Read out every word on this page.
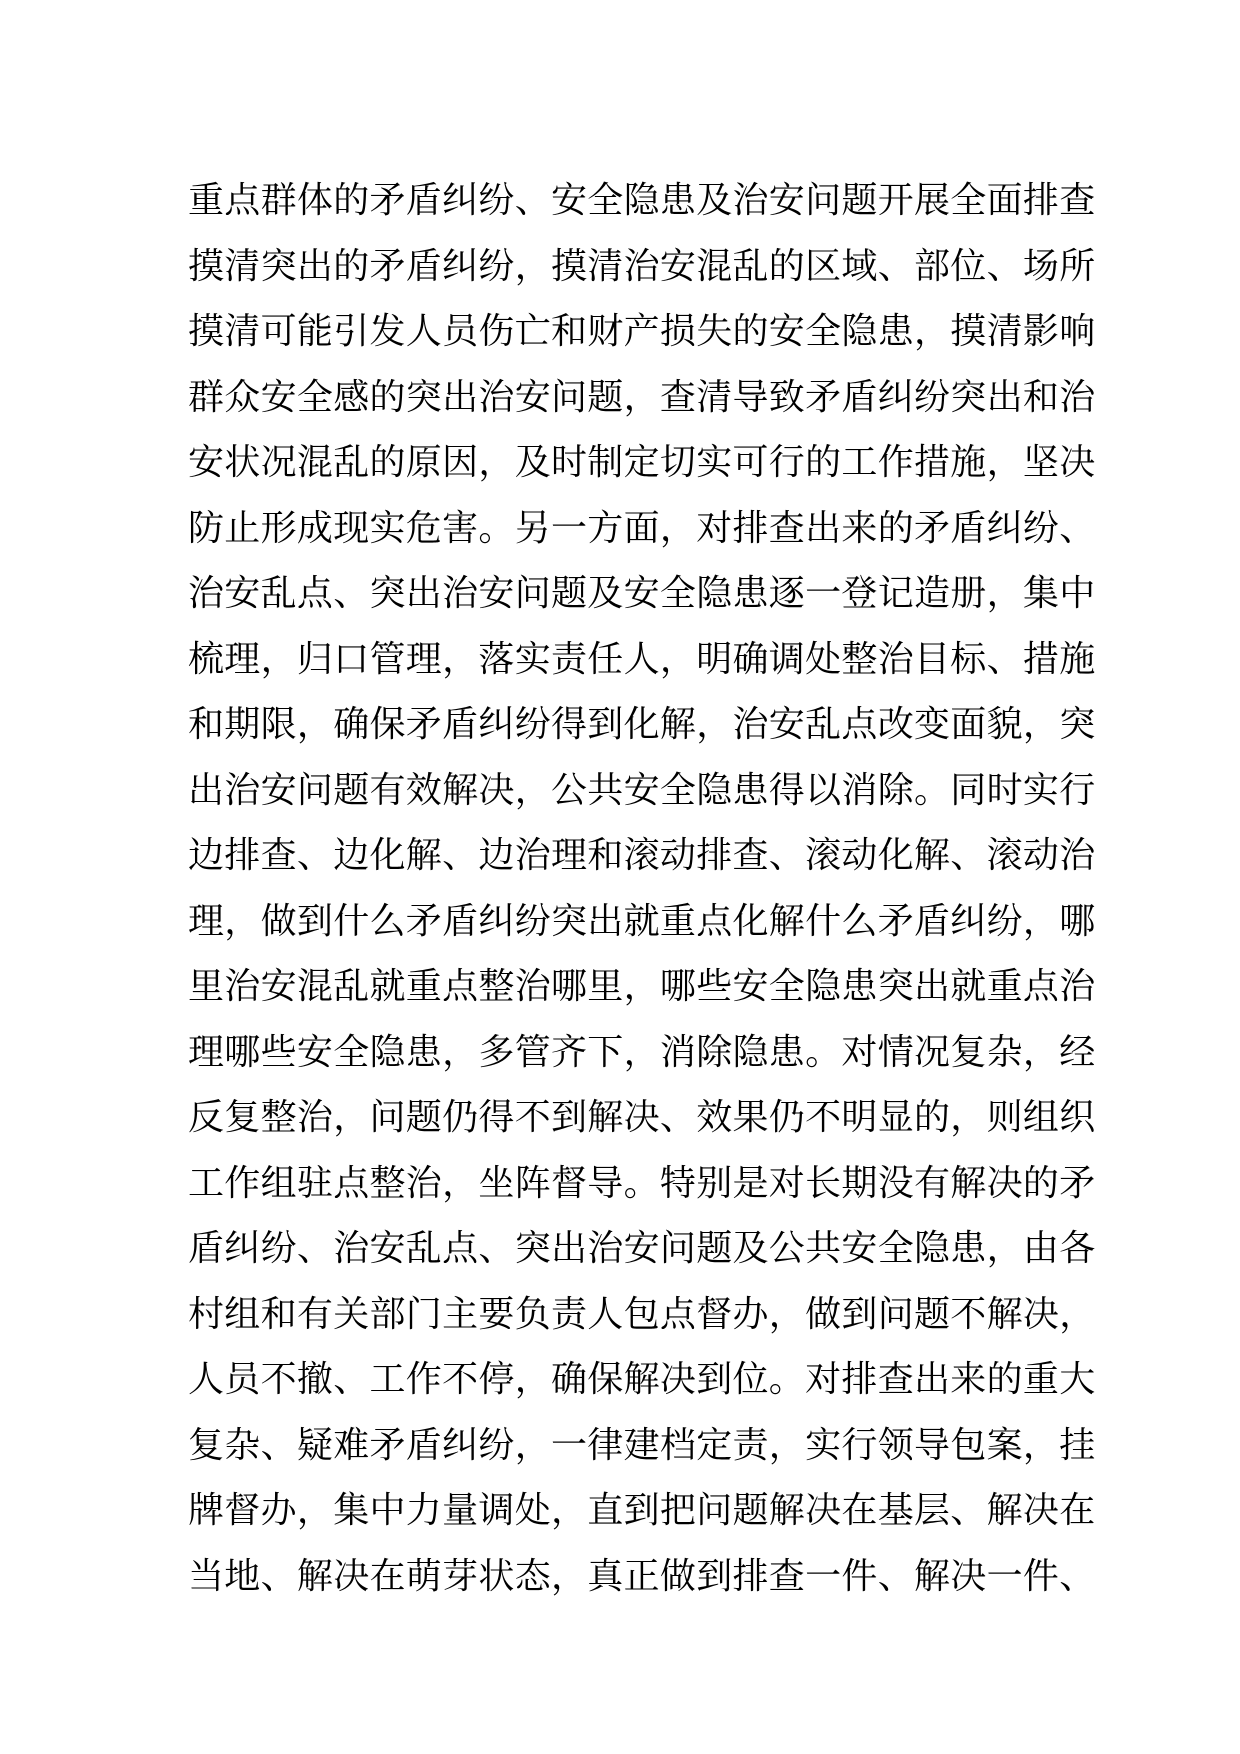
重点群体的矛盾纠纷、安全隐患及治安问题开展全面排查
摸清突出的矛盾纠纷，摸清治安混乱的区域、部位、场所
摸清可能引发人员伤亡和财产损失的安全隐患，摸清影响
群众安全感的突出治安问题，查清导致矛盾纠纷突出和治
安状况混乱的原因，及时制定切实可行的工作措施，坚决
防止形成现实危害。另一方面，对排查出来的矛盾纠纷、
治安乱点、突出治安问题及安全隐患逐一登记造册，集中
梳理，归口管理，落实责任人，明确调处整治目标、措施
和期限，确保矛盾纠纷得到化解，治安乱点改变面貌，突
出治安问题有效解决，公共安全隐患得以消除。同时实行
边排查、边化解、边治理和滚动排查、滚动化解、滚动治
理，做到什么矛盾纠纷突出就重点化解什么矛盾纠纷，哪
里治安混乱就重点整治哪里，哪些安全隐患突出就重点治
理哪些安全隐患，多管齐下，消除隐患。对情况复杂，经
反复整治，问题仍得不到解决、效果仍不明显的，则组织
工作组驻点整治，坐阵督导。特别是对长期没有解决的矛
盾纠纷、治安乱点、突出治安问题及公共安全隐患，由各
村组和有关部门主要负责人包点督办，做到问题不解决，
人员不撤、工作不停，确保解决到位。对排查出来的重大
复杂、疑难矛盾纠纷，一律建档定责，实行领导包案，挂
牌督办，集中力量调处，直到把问题解决在基层、解决在
当地、解决在萌芽状态，真正做到排查一件、解决一件、
